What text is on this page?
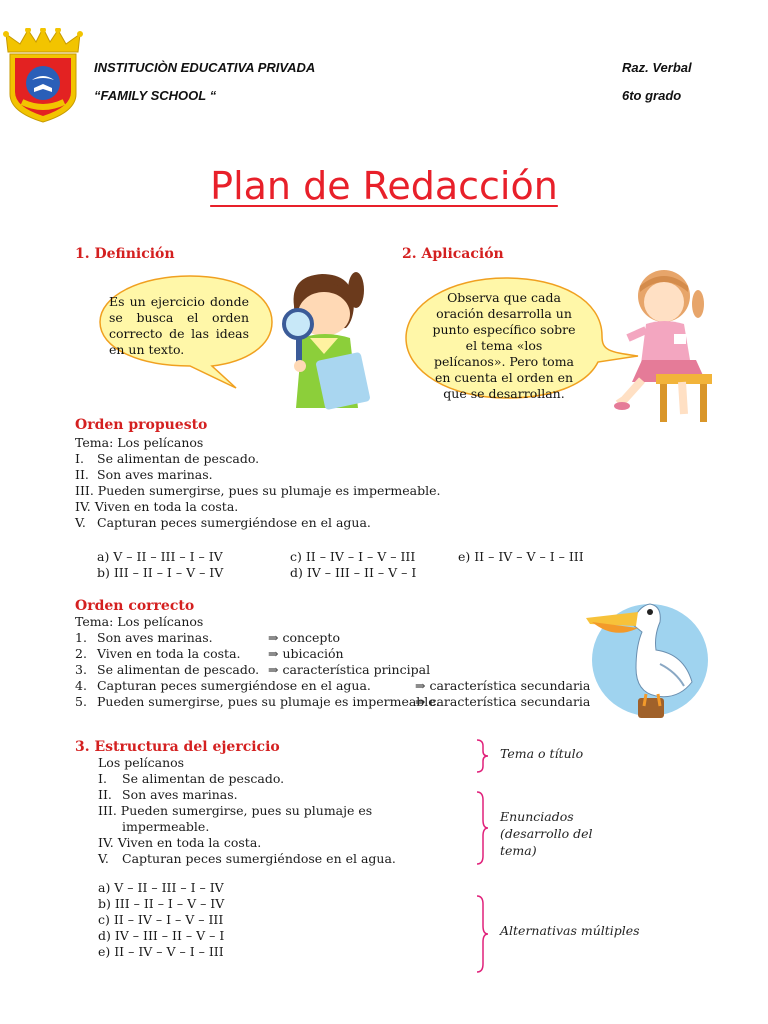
INSTITUCIÒN EDUCATIVA PRIVADA
“FAMILY SCHOOL “
Raz. Verbal
6to grado
Plan de Redacción
1. Definición
Es un ejercicio donde se busca el orden correcto de las ideas en un texto.
2. Aplicación
Observa que cada oración desarrolla un punto específico sobre el tema «los pelícanos». Pero toma en cuenta el orden en que se desarrollan.
Orden propuesto
Tema: Los pelícanos
I. Se alimentan de pescado.
II. Son aves marinas.
III. Pueden sumergirse, pues su plumaje es impermeable.
IV. Viven en toda la costa.
V. Capturan peces sumergiéndose en el agua.
a) V – II – III – I – IV
b) III – II – I – V – IV
c) II – IV – I – V – III
d) IV – III – II – V – I
e) II – IV – V – I – III
Orden correcto
Tema: Los pelícanos
1. Son aves marinas.
2. Viven en toda la costa.
3. Se alimentan de pescado.
4. Capturan peces sumergiéndose en el agua.
5. Pueden sumergirse, pues su plumaje es impermeable.
⇒ concepto
⇒ ubicación
⇒ característica principal
⇒ característica secundaria
⇒ característica secundaria
3. Estructura del ejercicio
Los pelícanos
I. Se alimentan de pescado.
II. Son aves marinas.
III. Pueden sumergirse, pues su plumaje es
impermeable.
IV. Viven en toda la costa.
V. Capturan peces sumergiéndose en el agua.
a) V – II – III – I – IV
b) III – II – I – V – IV
c) II – IV – I – V – III
d) IV – III – II – V – I
e) II – IV – V – I – III
Tema o título
Enunciados (desarrollo del tema)
Alternativas múltiples
